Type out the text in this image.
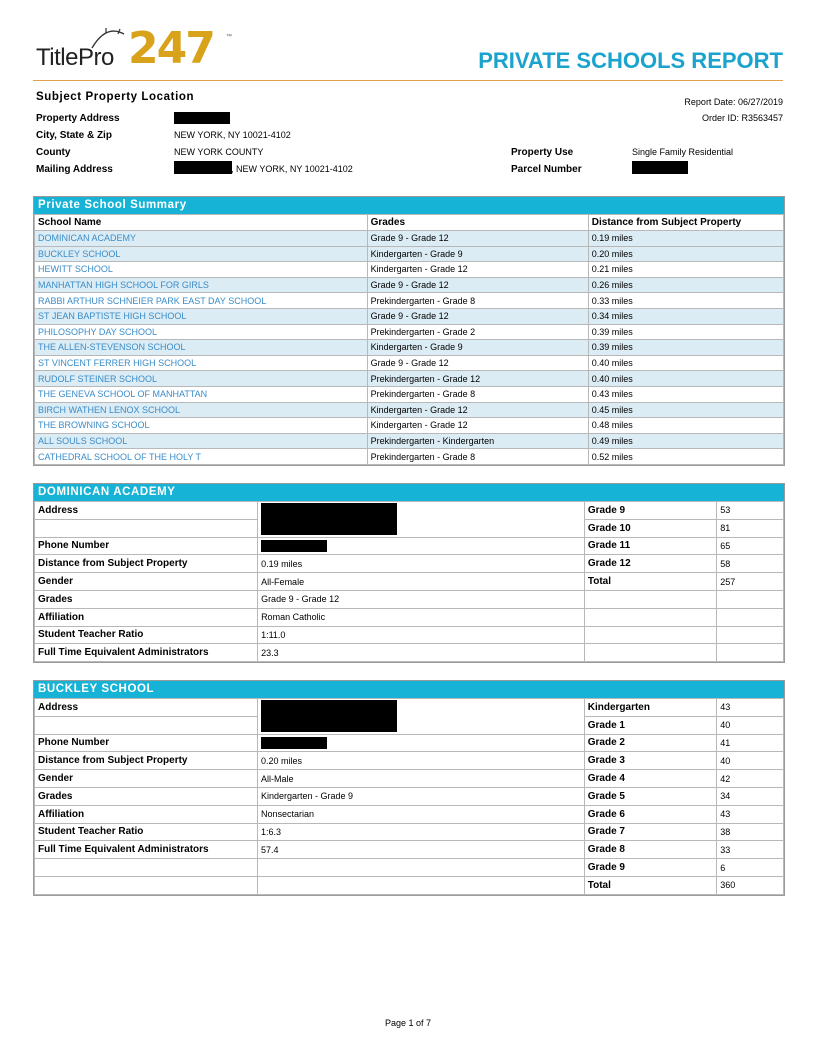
TitlePro 247 ™
PRIVATE SCHOOLS REPORT
Subject Property Location	Report Date: 06/27/2019
Order ID: R3563457
Property Address
City, State & Zip	NEW YORK, NY 10021-4102
County	NEW YORK COUNTY
Mailing Address	, NEW YORK, NY 10021-4102
Property Use	Single Family Residential
Parcel Number
Private School Summary
School Name	Grades	Distance from Subject Property
DOMINICAN ACADEMY	Grade 9 - Grade 12	0.19 miles
BUCKLEY SCHOOL	Kindergarten - Grade 9	0.20 miles
HEWITT SCHOOL	Kindergarten - Grade 12	0.21 miles
MANHATTAN HIGH SCHOOL FOR GIRLS	Grade 9 - Grade 12	0.26 miles
RABBI ARTHUR SCHNEIER PARK EAST DAY SCHOOL	Prekindergarten - Grade 8	0.33 miles
ST JEAN BAPTISTE HIGH SCHOOL	Grade 9 - Grade 12	0.34 miles
PHILOSOPHY DAY SCHOOL	Prekindergarten - Grade 2	0.39 miles
THE ALLEN-STEVENSON SCHOOL	Kindergarten - Grade 9	0.39 miles
ST VINCENT FERRER HIGH SCHOOL	Grade 9 - Grade 12	0.40 miles
RUDOLF STEINER SCHOOL	Prekindergarten - Grade 12	0.40 miles
THE GENEVA SCHOOL OF MANHATTAN	Prekindergarten - Grade 8	0.43 miles
BIRCH WATHEN LENOX SCHOOL	Kindergarten - Grade 12	0.45 miles
THE BROWNING SCHOOL	Kindergarten - Grade 12	0.48 miles
ALL SOULS SCHOOL	Prekindergarten - Kindergarten	0.49 miles
CATHEDRAL SCHOOL OF THE HOLY T	Prekindergarten - Grade 8	0.52 miles
DOMINICAN ACADEMY
Address		Grade 9	53
		Grade 10	81
Phone Number		Grade 11	65
Distance from Subject Property	0.19 miles	Grade 12	58
Gender	All-Female	Total	257
Grades	Grade 9 - Grade 12		
Affiliation	Roman Catholic		
Student Teacher Ratio	1:11.0		
Full Time Equivalent Administrators	23.3		
BUCKLEY SCHOOL
Address		Kindergarten	43
		Grade 1	40
Phone Number		Grade 2	41
Distance from Subject Property	0.20 miles	Grade 3	40
Gender	All-Male	Grade 4	42
Grades	Kindergarten - Grade 9	Grade 5	34
Affiliation	Nonsectarian	Grade 6	43
Student Teacher Ratio	1:6.3	Grade 7	38
Full Time Equivalent Administrators	57.4	Grade 8	33
		Grade 9	6
		Total	360
Page 1 of 7
